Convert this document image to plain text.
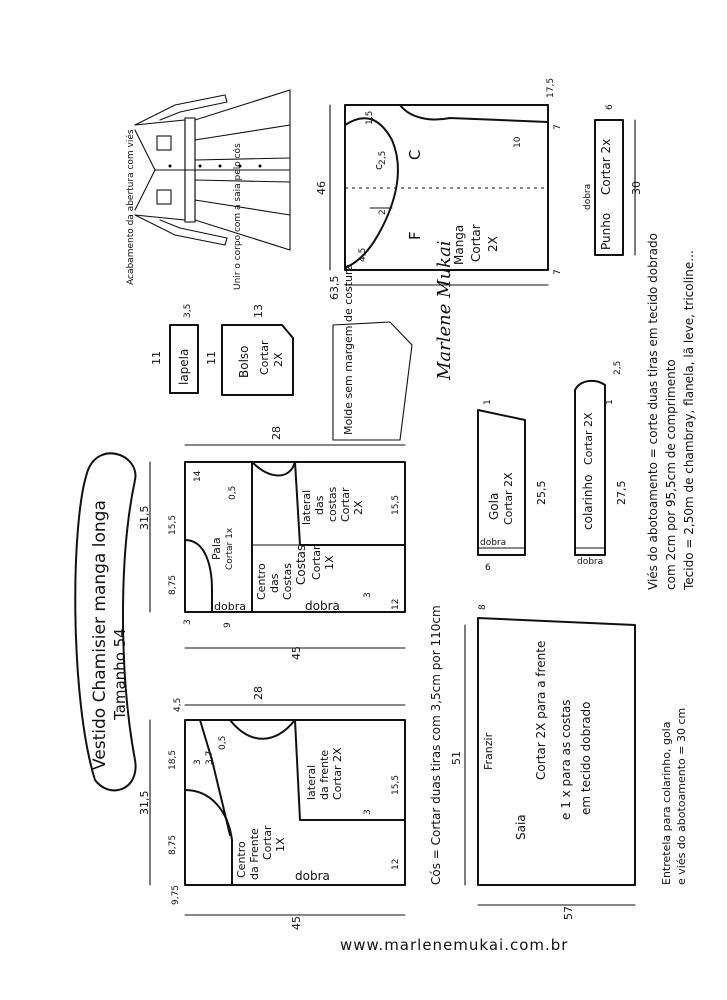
Acabamento da abertura com viés	Unir o corpo com a saia pelo cós	C
F
c
Manga Cortar 2X
46
63,5
17,5
10
7
7
2,5
4,5
2
1,5
Punho
Cortar 2x
dobra	30
6
lapela
11
3,5
Bolso Cortar 2X
11
13	Molde sem margem de costura	Marlene Mukai
Gola Cortar 2X
dobra
25,5
6
1
colarinho
Cortar 2X
dobra
27,5
2,5
1	Viés do abotoamento = corte duas tiras em tecido dobrado com 2cm por 95,5cm de comprimento Tecido = 2,50m de chambray, flanela, lã leve, tricoline...
Entretela para colarinho, gola e viés do abotoamento = 30 cm
Vestido Chamisier manga longa Tamanho 54
Pala Cortar 1x
dobra
Centro das Costas Costas Cortar 1X
dobra
lateral das costas Cortar 2X
28
31,5
45
14
0,5
15,5
8,75
3
3
9
12
15,5
Centro da Frente Cortar 1X
dobra
lateral da frente Cortar 2X
28
31,5
45
4,5
18,5
8,75
9,75
3 3,7
0,5
15,5
12
3	Cós = Cortar duas tiras com 3,5cm por 110cm	Franzir
Saia
Cortar 2X para a frente e 1 x para as costas em tecido dobrado
51
57
8
www.marlenemukai.com.br
